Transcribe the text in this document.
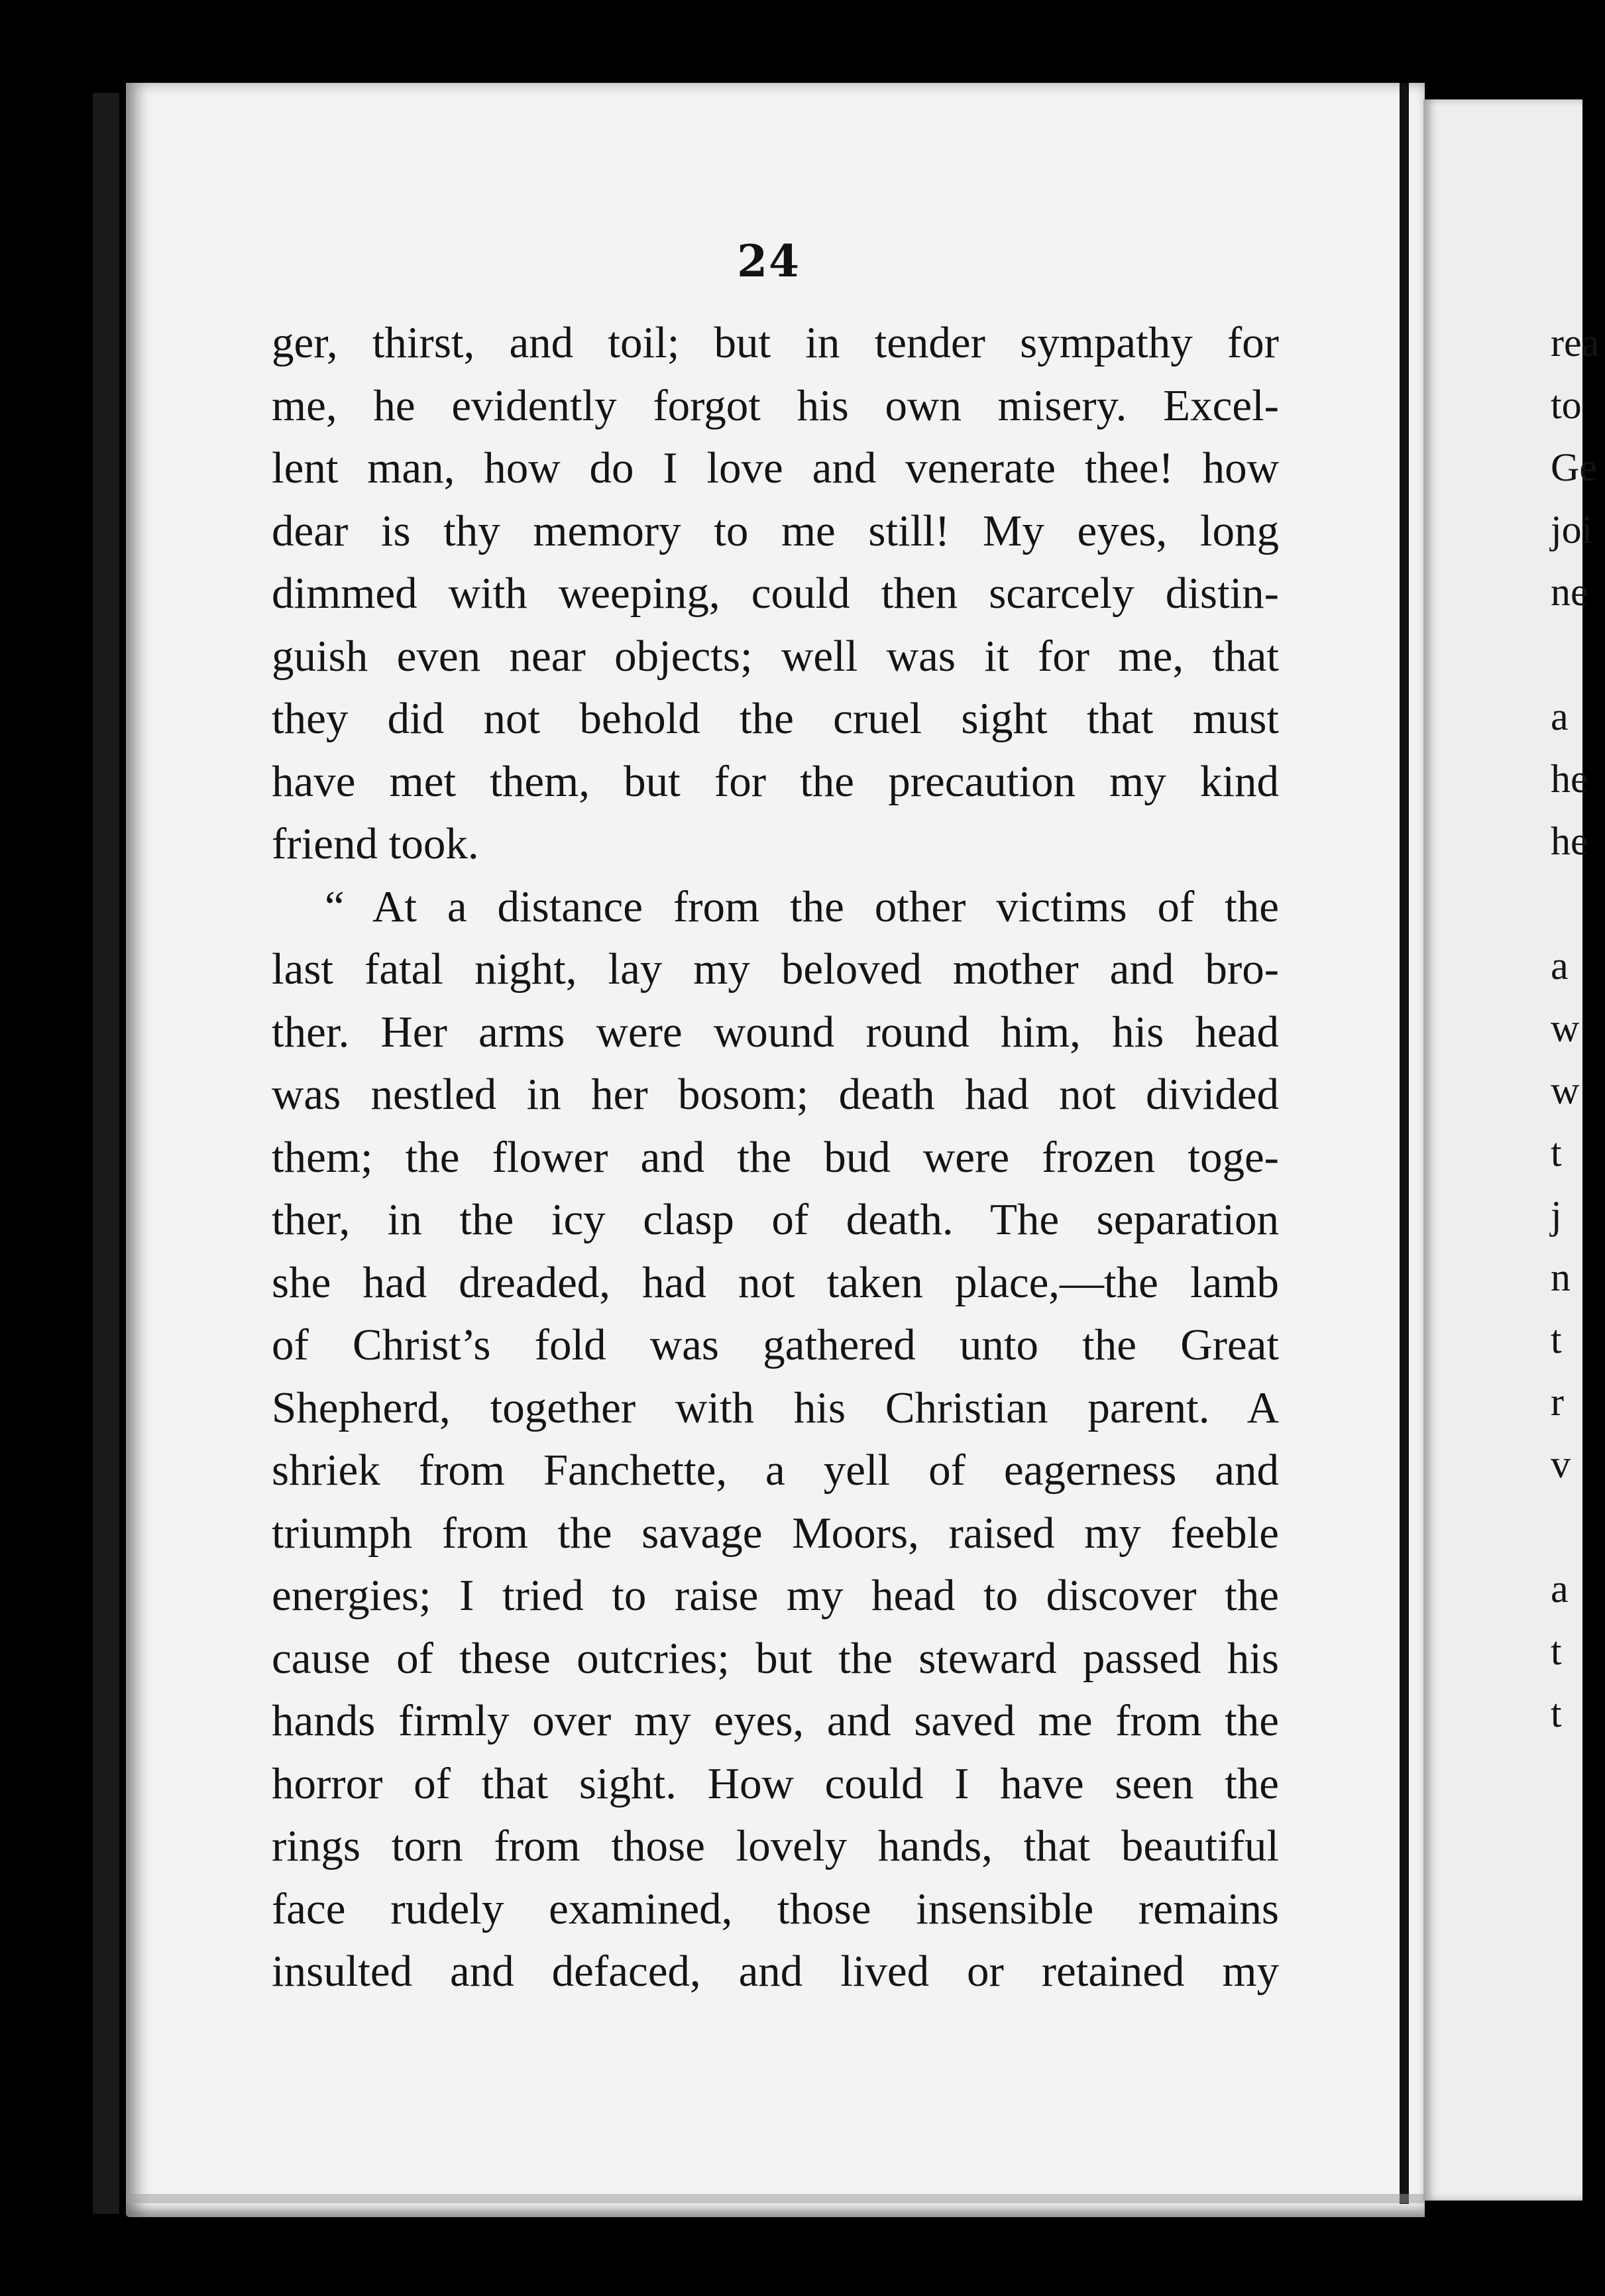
24
ger, thirst, and toil; but in tender sympathy for
me, he evidently forgot his own misery. Excel-
lent man, how do I love and venerate thee! how
dear is thy memory to me still! My eyes, long
dimmed with weeping, could then scarcely distin-
guish even near objects; well was it for me, that
they did not behold the cruel sight that must
have met them, but for the precaution my kind
friend took.
“ At a distance from the other victims of the
last fatal night, lay my beloved mother and bro-
ther. Her arms were wound round him, his head
was nestled in her bosom; death had not divided
them; the flower and the bud were frozen toge-
ther, in the icy clasp of death. The separation
she had dreaded, had not taken place,—the lamb
of Christ’s fold was gathered unto the Great
Shepherd, together with his Christian parent. A
shriek from Fanchette, a yell of eagerness and
triumph from the savage Moors, raised my feeble
energies; I tried to raise my head to discover the
cause of these outcries; but the steward passed his
hands firmly over my eyes, and saved me from the
horror of that sight. How could I have seen the
rings torn from those lovely hands, that beautiful
face rudely examined, those insensible remains
insulted and defaced, and lived or retained my
rea
to
Ge
joi
ne
a
he
he
a
w
w
t
j
n
t
r
v
a
t
t
